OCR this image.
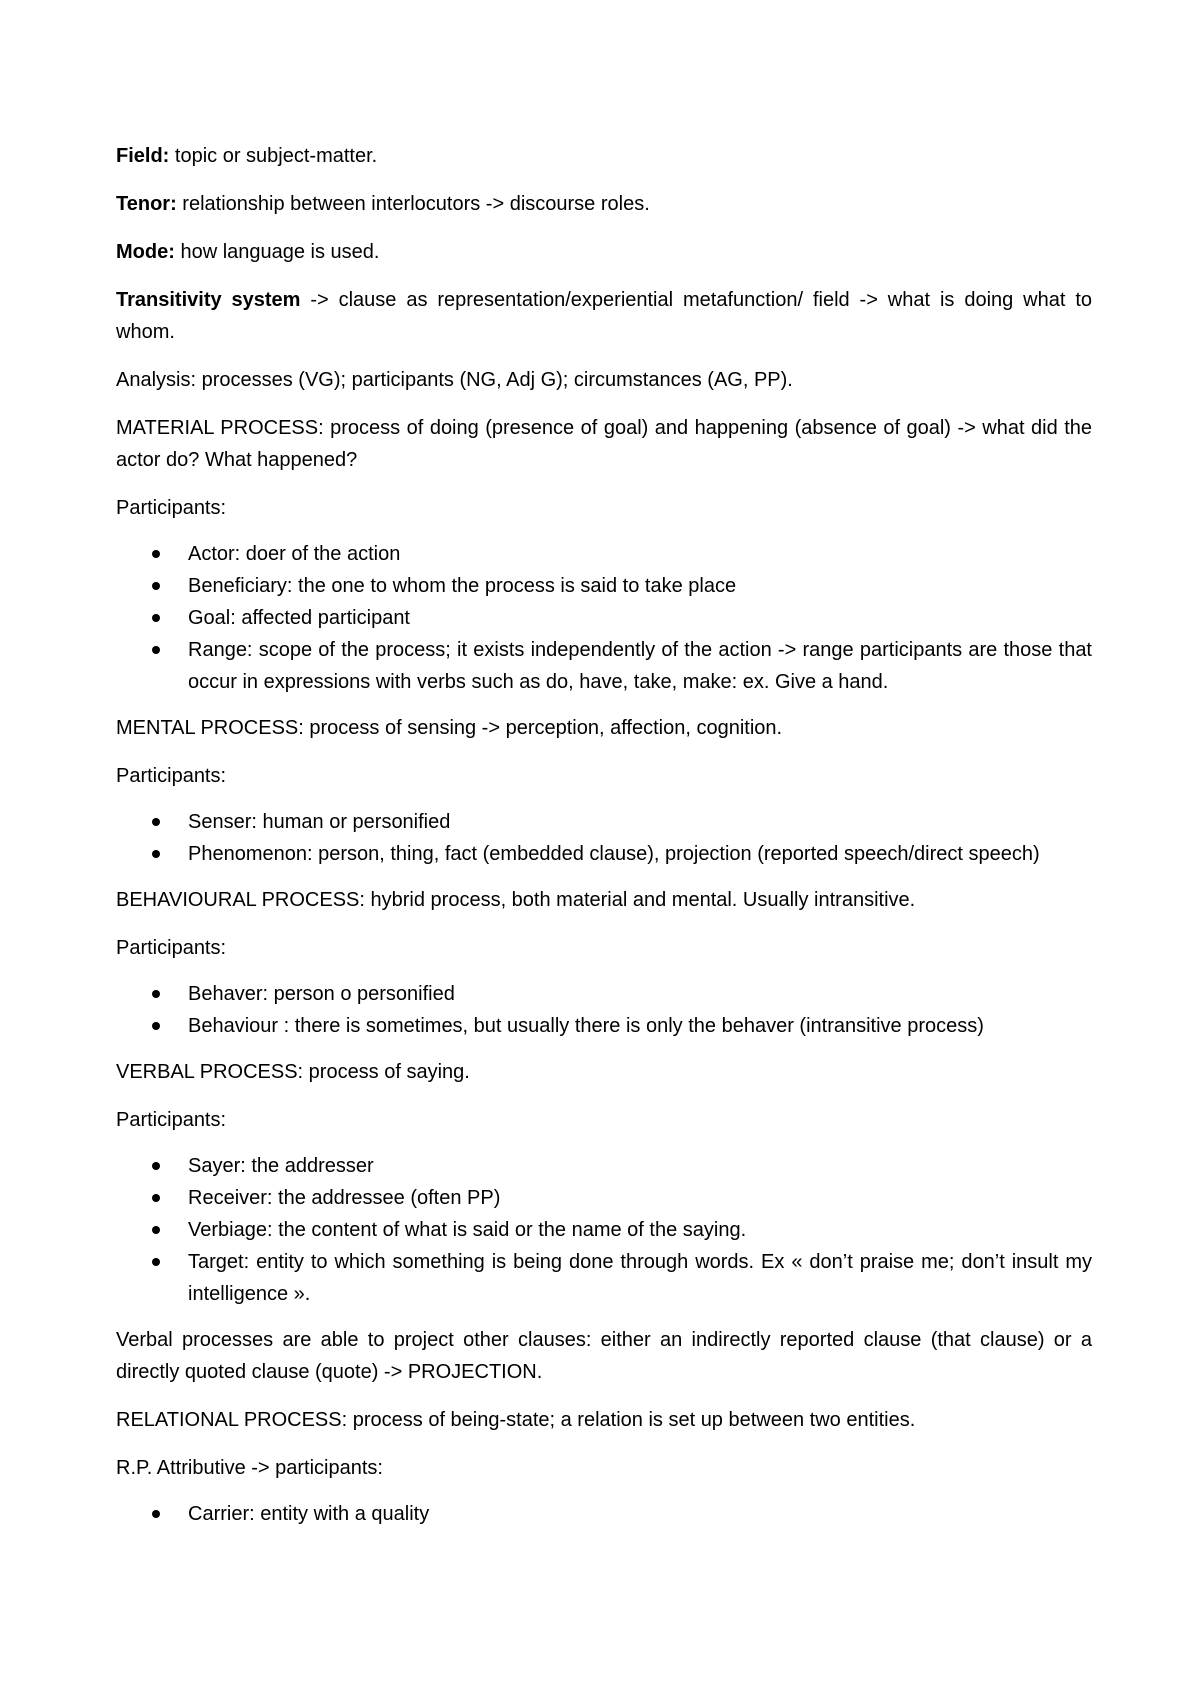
Field: topic or subject-matter.

Tenor: relationship between interlocutors -> discourse roles.

Mode: how language is used.

Transitivity system -> clause as representation/experiential metafunction/ field -> what is doing what to whom.

Analysis: processes (VG); participants (NG, Adj G); circumstances (AG, PP).

MATERIAL PROCESS: process of doing (presence of goal) and happening (absence of goal) -> what did the actor do? What happened?

Participants:

Actor: doer of the action
Beneficiary: the one to whom the process is said to take place
Goal: affected participant
Range: scope of the process; it exists independently of the action -> range participants are those that occur in expressions with verbs such as do, have, take, make: ex. Give a hand.

MENTAL PROCESS: process of sensing -> perception, affection, cognition.

Participants:

Senser: human or personified
Phenomenon: person, thing, fact (embedded clause), projection (reported speech/direct speech)

BEHAVIOURAL PROCESS: hybrid process, both material and mental. Usually intransitive.

Participants:

Behaver: person o personified
Behaviour : there is sometimes, but usually there is only the behaver (intransitive process)

VERBAL PROCESS: process of saying.

Participants:

Sayer: the addresser
Receiver: the addressee (often PP)
Verbiage: the content of what is said or the name of the saying.
Target: entity to which something is being done through words. Ex « don’t praise me; don’t insult my intelligence ».

Verbal processes are able to project other clauses: either an indirectly reported clause (that clause) or a directly quoted clause (quote) -> PROJECTION.

RELATIONAL PROCESS: process of being-state; a relation is set up between two entities.

R.P. Attributive -> participants:

Carrier: entity with a quality
